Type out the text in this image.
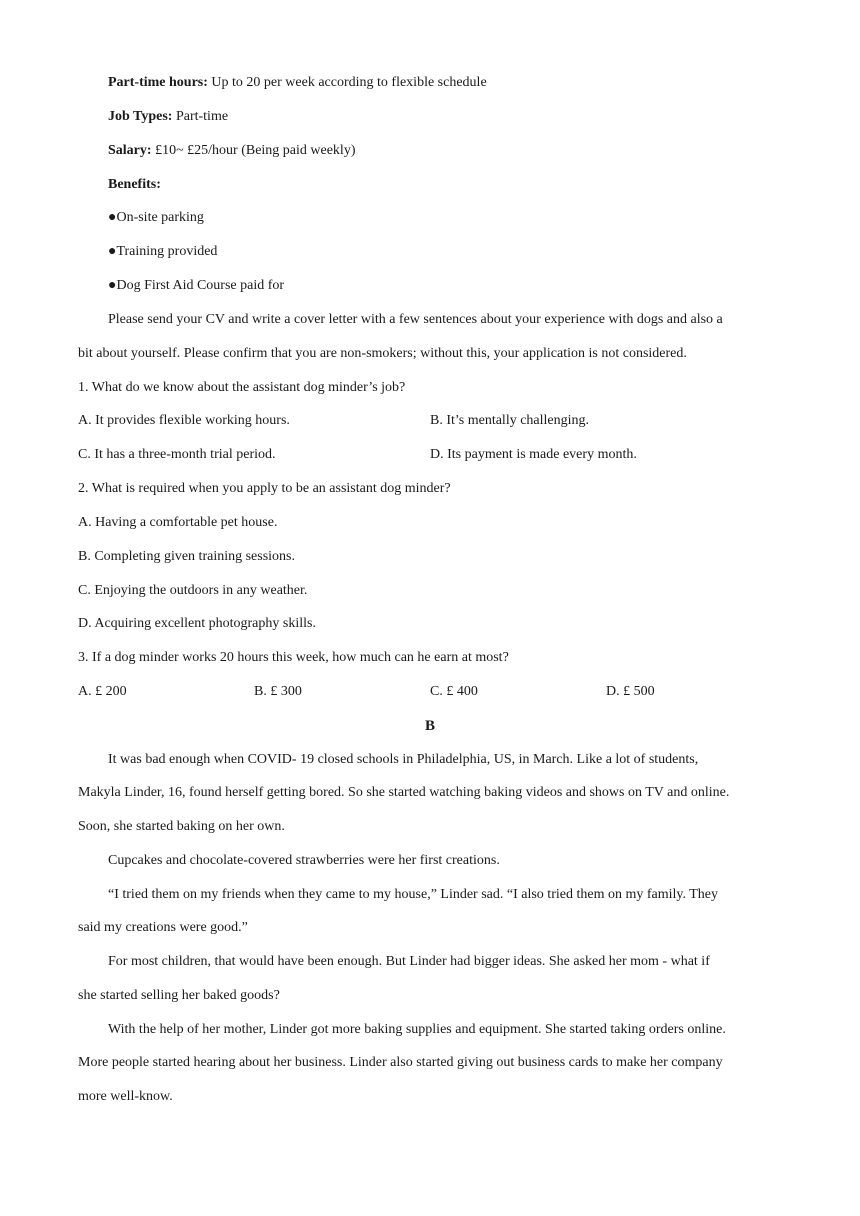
Part-time hours: Up to 20 per week according to flexible schedule
Job Types: Part-time
Salary: £10~ £25/hour (Being paid weekly)
Benefits:
●On-site parking
●Training provided
●Dog First Aid Course paid for
Please send your CV and write a cover letter with a few sentences about your experience with dogs and also a
bit about yourself. Please confirm that you are non-smokers; without this, your application is not considered.
1. What do we know about the assistant dog minder’s job?
A. It provides flexible working hours.	B. It’s mentally challenging.
C. It has a three-month trial period.	D. Its payment is made every month.
2. What is required when you apply to be an assistant dog minder?
A. Having a comfortable pet house.
B. Completing given training sessions.
C. Enjoying the outdoors in any weather.
D. Acquiring excellent photography skills.
3. If a dog minder works 20 hours this week, how much can he earn at most?
A. £ 200	B. £ 300	C. £ 400	D. £ 500
B
It was bad enough when COVID- 19 closed schools in Philadelphia, US, in March. Like a lot of students,
Makyla Linder, 16, found herself getting bored. So she started watching baking videos and shows on TV and online.
Soon, she started baking on her own.
Cupcakes and chocolate-covered strawberries were her first creations.
“I tried them on my friends when they came to my house,” Linder sad. “I also tried them on my family. They
said my creations were good.”
For most children, that would have been enough. But Linder had bigger ideas. She asked her mom - what if
she started selling her baked goods?
With the help of her mother, Linder got more baking supplies and equipment. She started taking orders online.
More people started hearing about her business. Linder also started giving out business cards to make her company
more well-know.
